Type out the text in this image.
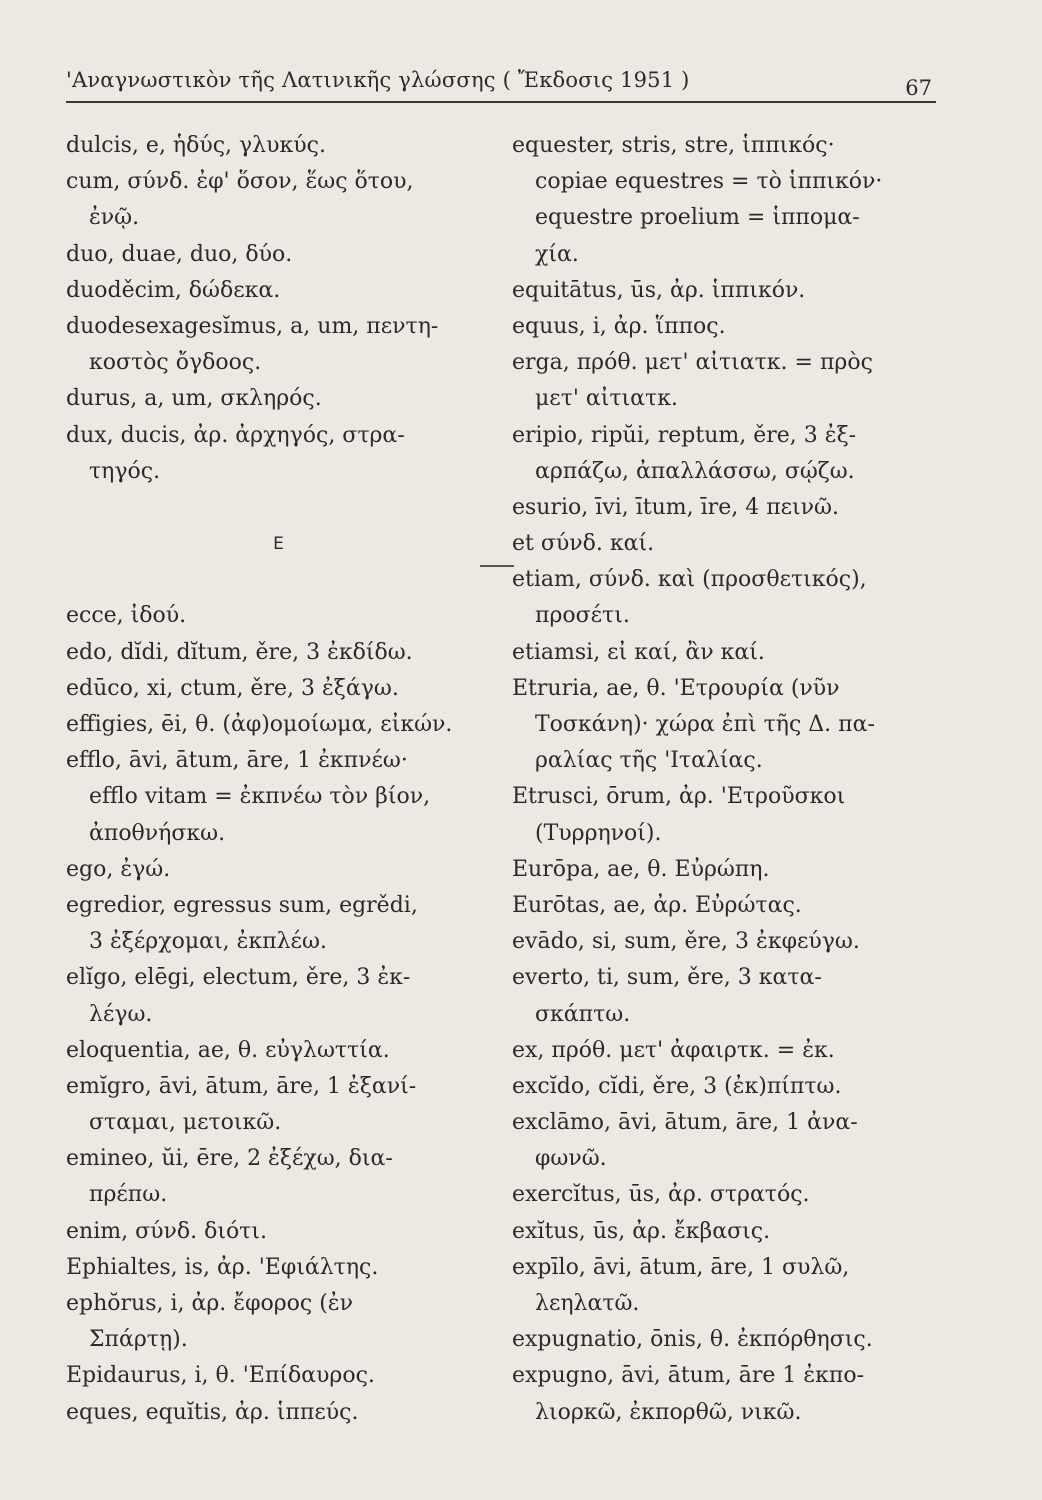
'Αναγνωστικὸν τῆς Λατινικῆς γλώσσης ( Ἔκδοσις 1951 )	67
dulcis, e, ἡδύς, γλυκύς.
cum, σύνδ. ἐφ' ὅσον, ἕως ὅτου,
ἐνῷ.
duo, duae, duo, δύο.
duoděcim, δώδεκα.
duodesexagesĭmus, a, um, πεντη-
κοστὸς ὄγδοος.
durus, a, um, σκληρός.
dux, ducis, ἀρ. ἀρχηγός, στρα-
τηγός.
E
ecce, ἰδού.
edo, dĭdi, dĭtum, ěre, 3 ἐκδίδω.
edūco, xi, ctum, ěre, 3 ἐξάγω.
effigies, ēi, θ. (ἀφ)ομοίωμα, εἰκών.
efflo, āvi, ātum, āre, 1 ἐκπνέω·
efflo vitam = ἐκπνέω τὸν βίον,
ἀποθνήσκω.
ego, ἐγώ.
egredior, egressus sum, egrědi,
3 ἐξέρχομαι, ἐκπλέω.
elĭgo, elēgi, electum, ěre, 3 ἐκ-
λέγω.
eloquentia, ae, θ. εὐγλωττία.
emĭgro, āvi, ātum, āre, 1 ἐξανί-
σταμαι, μετοικῶ.
emineo, ŭi, ēre, 2 ἐξέχω, δια-
πρέπω.
enim, σύνδ. διότι.
Ephialtes, is, ἀρ. 'Εφιάλτης.
ephŏrus, i, ἀρ. ἔφορος (ἐν
Σπάρτῃ).
Epidaurus, i, θ. 'Επίδαυρος.
eques, equĭtis, ἀρ. ἱππεύς.
equester, stris, stre, ἱππικός·
copiae equestres = τὸ ἱππικόν·
equestre proelium = ἱππομα-
χία.
equitātus, ūs, ἀρ. ἱππικόν.
equus, i, ἀρ. ἵππος.
erga, πρόθ. μετ' αἰτιατκ. = πρὸς
μετ' αἰτιατκ.
eripio, ripŭi, reptum, ěre, 3 ἐξ-
αρπάζω, ἀπαλλάσσω, σῴζω.
esurio, īvi, ītum, īre, 4 πεινῶ.
et σύνδ. καί.
etiam, σύνδ. καὶ (προσθετικός),
προσέτι.
etiamsi, εἰ καί, ἂν καί.
Etruria, ae, θ. 'Ετρουρία (νῦν
Τοσκάνη)· χώρα ἐπὶ τῆς Δ. πα-
ραλίας τῆς 'Ιταλίας.
Etrusci, ōrum, ἀρ. 'Ετροῦσκοι
(Τυρρηνοί).
Eurōpa, ae, θ. Εὐρώπη.
Eurōtas, ae, ἀρ. Εὐρώτας.
evādo, si, sum, ěre, 3 ἐκφεύγω.
everto, ti, sum, ěre, 3 κατα-
σκάπτω.
ex, πρόθ. μετ' ἀφαιρτκ. = ἐκ.
excĭdo, cĭdi, ěre, 3 (ἐκ)πίπτω.
exclāmo, āvi, ātum, āre, 1 ἀνα-
φωνῶ.
exercĭtus, ūs, ἀρ. στρατός.
exĭtus, ūs, ἀρ. ἔκβασις.
expīlo, āvi, ātum, āre, 1 συλῶ,
λεηλατῶ.
expugnatio, ōnis, θ. ἐκπόρθησις.
expugno, āvi, ātum, āre 1 ἐκπο-
λιορκῶ, ἐκπορθῶ, νικῶ.
